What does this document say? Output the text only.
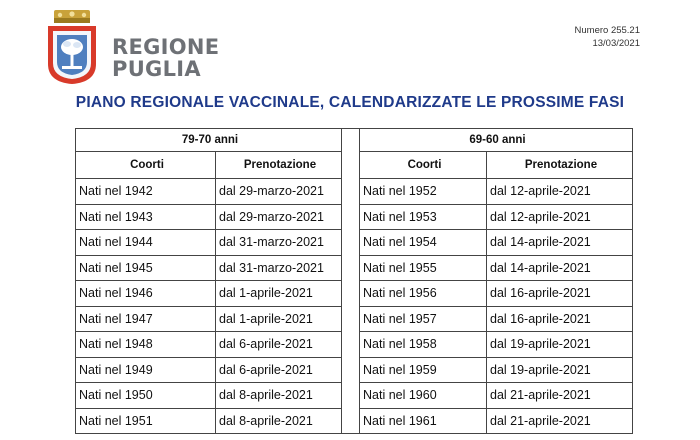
REGIONE
PUGLIA
Numero 255.21
13/03/2021
PIANO REGIONALE VACCINALE, CALENDARIZZATE LE PROSSIME FASI
79-70 anni			69-60 anni	
Coorti	Prenotazione		Coorti	Prenotazione
Nati nel 1942	dal 29-marzo-2021		Nati nel 1952	dal 12-aprile-2021
Nati nel 1943	dal 29-marzo-2021		Nati nel 1953	dal 12-aprile-2021
Nati nel 1944	dal 31-marzo-2021		Nati nel 1954	dal 14-aprile-2021
Nati nel 1945	dal 31-marzo-2021		Nati nel 1955	dal 14-aprile-2021
Nati nel 1946	dal 1-aprile-2021		Nati nel 1956	dal 16-aprile-2021
Nati nel 1947	dal 1-aprile-2021		Nati nel 1957	dal 16-aprile-2021
Nati nel 1948	dal 6-aprile-2021		Nati nel 1958	dal 19-aprile-2021
Nati nel 1949	dal 6-aprile-2021		Nati nel 1959	dal 19-aprile-2021
Nati nel 1950	dal 8-aprile-2021		Nati nel 1960	dal 21-aprile-2021
Nati nel 1951	dal 8-aprile-2021		Nati nel 1961	dal 21-aprile-2021
